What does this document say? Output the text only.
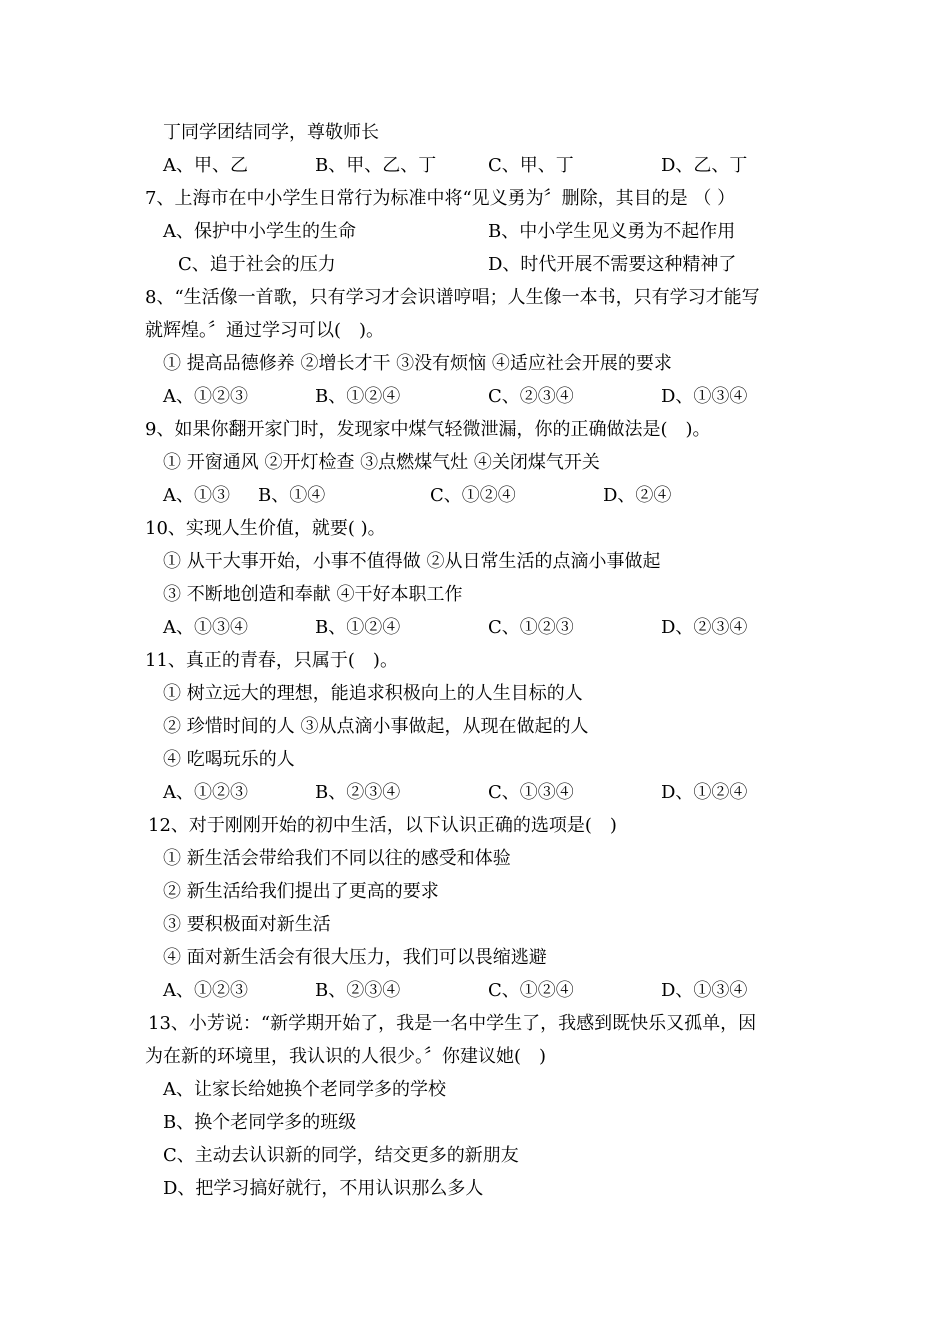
丁同学团结同学，尊敬师长
A、甲、乙	B、甲、乙、丁	C、甲、丁	D、乙、丁
7、上海市在中小学生日常行为标准中将“见义勇为〞删除，其目的是 （ ）
A、保护中小学生的生命	B、中小学生见义勇为不起作用
C、追于社会的压力	D、时代开展不需要这种精神了
8、“生活像一首歌，只有学习才会识谱哼唱；人生像一本书，只有学习才能写
就辉煌。〞通过学习可以(　)。
① 提高品德修养 ②增长才干 ③没有烦恼 ④适应社会开展的要求
A、①②③	B、①②④	C、②③④	D、①③④
9、如果你翻开家门时，发现家中煤气轻微泄漏，你的正确做法是(　)。
① 开窗通风 ②开灯检查 ③点燃煤气灶 ④关闭煤气开关
A、①③ B、①④	C、①②④	D、②④
10、实现人生价值，就要( )。
① 从干大事开始，小事不值得做 ②从日常生活的点滴小事做起
③ 不断地创造和奉献 ④干好本职工作
A、①③④	B、①②④	C、①②③	D、②③④
11、真正的青春，只属于(　)。
① 树立远大的理想，能追求积极向上的人生目标的人
② 珍惜时间的人 ③从点滴小事做起，从现在做起的人
④ 吃喝玩乐的人
A、①②③	B、②③④	C、①③④	D、①②④
12、对于刚刚开始的初中生活，以下认识正确的选项是(　)
① 新生活会带给我们不同以往的感受和体验
② 新生活给我们提出了更高的要求
③ 要积极面对新生活
④ 面对新生活会有很大压力，我们可以畏缩逃避
A、①②③	B、②③④	C、①②④	D、①③④
13、小芳说：“新学期开始了，我是一名中学生了，我感到既快乐又孤单，因
为在新的环境里，我认识的人很少。〞你建议她(　)
A、让家长给她换个老同学多的学校
B、换个老同学多的班级
C、主动去认识新的同学，结交更多的新朋友
D、把学习搞好就行，不用认识那么多人
